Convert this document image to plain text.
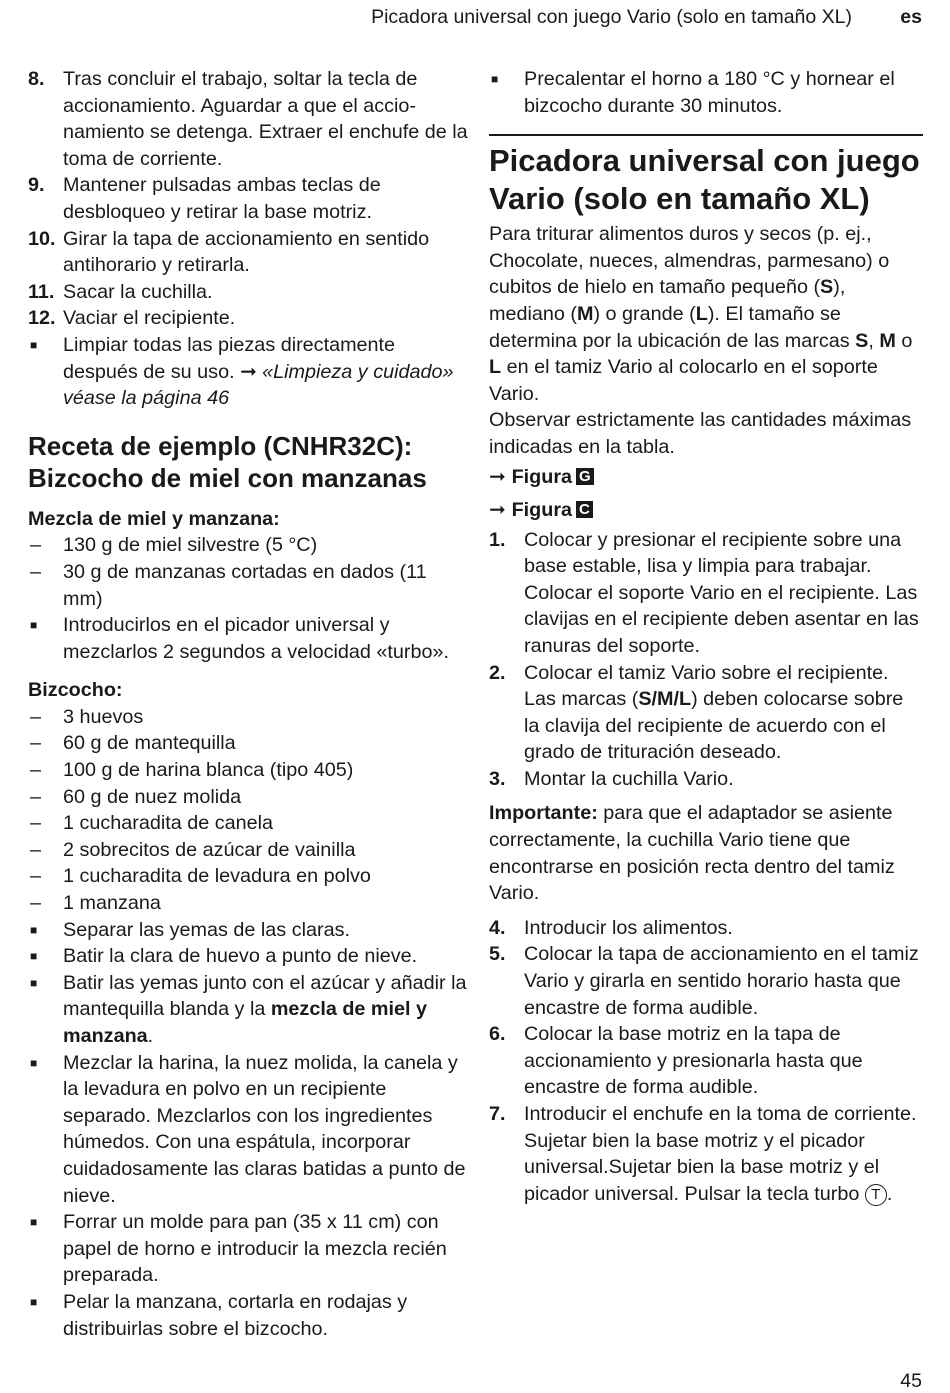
Picadora universal con juego Vario (solo en tamaño XL) es
8. Tras concluir el trabajo, soltar la tecla de accionamiento. Aguardar a que el accio-namiento se detenga. Extraer el enchufe de la toma de corriente.
9. Mantener pulsadas ambas teclas de desbloqueo y retirar la base motriz.
10. Girar la tapa de accionamiento en sentido antihorario y retirarla.
11. Sacar la cuchilla.
12. Vaciar el recipiente.
■ Limpiar todas las piezas directamente después de su uso. ➞ «Limpieza y cuidado» véase la página 46
Receta de ejemplo (CNHR32C): Bizcocho de miel con manzanas
Mezcla de miel y manzana:
– 130 g de miel silvestre (5 °C)
– 30 g de manzanas cortadas en dados (11 mm)
■ Introducirlos en el picador universal y mezclarlos 2 segundos a velocidad «turbo».
Bizcocho:
– 3 huevos
– 60 g de mantequilla
– 100 g de harina blanca (tipo 405)
– 60 g de nuez molida
– 1 cucharadita de canela
– 2 sobrecitos de azúcar de vainilla
– 1 cucharadita de levadura en polvo
– 1 manzana
■ Separar las yemas de las claras.
■ Batir la clara de huevo a punto de nieve.
■ Batir las yemas junto con el azúcar y añadir la mantequilla blanda y la mezcla de miel y manzana.
■ Mezclar la harina, la nuez molida, la canela y la levadura en polvo en un recipiente separado. Mezclarlos con los ingredientes húmedos. Con una espátula, incorporar cuidadosamente las claras batidas a punto de nieve.
■ Forrar un molde para pan (35 x 11 cm) con papel de horno e introducir la mezcla recién preparada.
■ Pelar la manzana, cortarla en rodajas y distribuirlas sobre el bizcocho.
■ Precalentar el horno a 180 °C y hornear el bizcocho durante 30 minutos.
Picadora universal con juego Vario (solo en tamaño XL)

Para triturar alimentos duros y secos (p. ej., Chocolate, nueces, almendras, parmesano) o cubitos de hielo en tamaño pequeño (S), mediano (M) o grande (L). El tamaño se determina por la ubicación de las marcas S, M o L en el tamiz Vario al colocarlo en el soporte Vario.

Observar estrictamente las cantidades máximas indicadas en la tabla.

➞ Figura G
➞ Figura C
1. Colocar y presionar el recipiente sobre una base estable, lisa y limpia para trabajar. Colocar el soporte Vario en el recipiente. Las clavijas en el recipiente deben asentar en las ranuras del soporte.
2. Colocar el tamiz Vario sobre el recipiente.
Las marcas (S/M/L) deben colocarse sobre la clavija del recipiente de acuerdo con el grado de trituración deseado.
3. Montar la cuchilla Vario.

Importante: para que el adaptador se asiente correctamente, la cuchilla Vario tiene que encontrarse en posición recta dentro del tamiz Vario.

4. Introducir los alimentos.
5. Colocar la tapa de accionamiento en el tamiz Vario y girarla en sentido horario hasta que encastre de forma audible.
6. Colocar la base motriz en la tapa de accionamiento y presionarla hasta que encastre de forma audible.
7. Introducir el enchufe en la toma de corriente. Sujetar bien la base motriz y el picador universal.Sujetar bien la base motriz y el picador universal. Pulsar la tecla turbo T .
45
